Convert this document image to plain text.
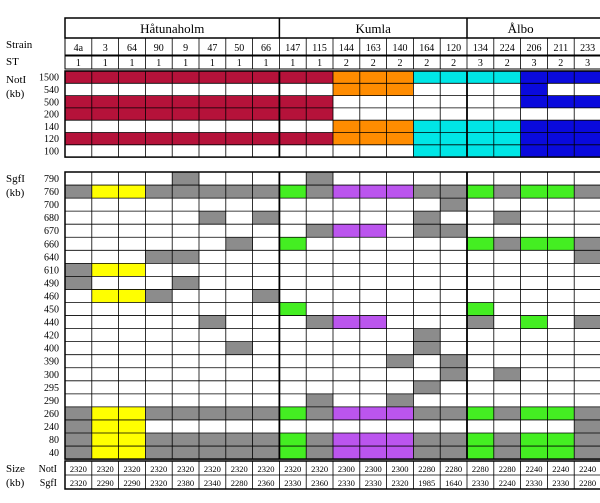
Strain
ST
NotI
(kb)
SgfI
(kb)
Size
(kb)
NotI
SgfI
Håtunaholm	Kumla	Ålbo
4a 3 64 90 9 47 50 66 147 115 144 163 140 164 120 134 224 206 211 233
1 1 1 1 1 1 1 1 1 1 2 2 2 2 2 3 2 3 2 3
1500
540
500
200
140
120
100
790
760
700
680
670
660
640
610
490
460
450
440
420
400
390
300
295
290
260
240
80
40
2320 2320 2320 2320 2320 2320 2320 2320 2320 2320 2300 2300 2300 2280 2280 2280 2280 2240 2240 2240
2320 2290 2290 2320 2380 2340 2280 2360 2330 2360 2330 2330 2320 1985 1640 2330 2240 2330 2330 2280
